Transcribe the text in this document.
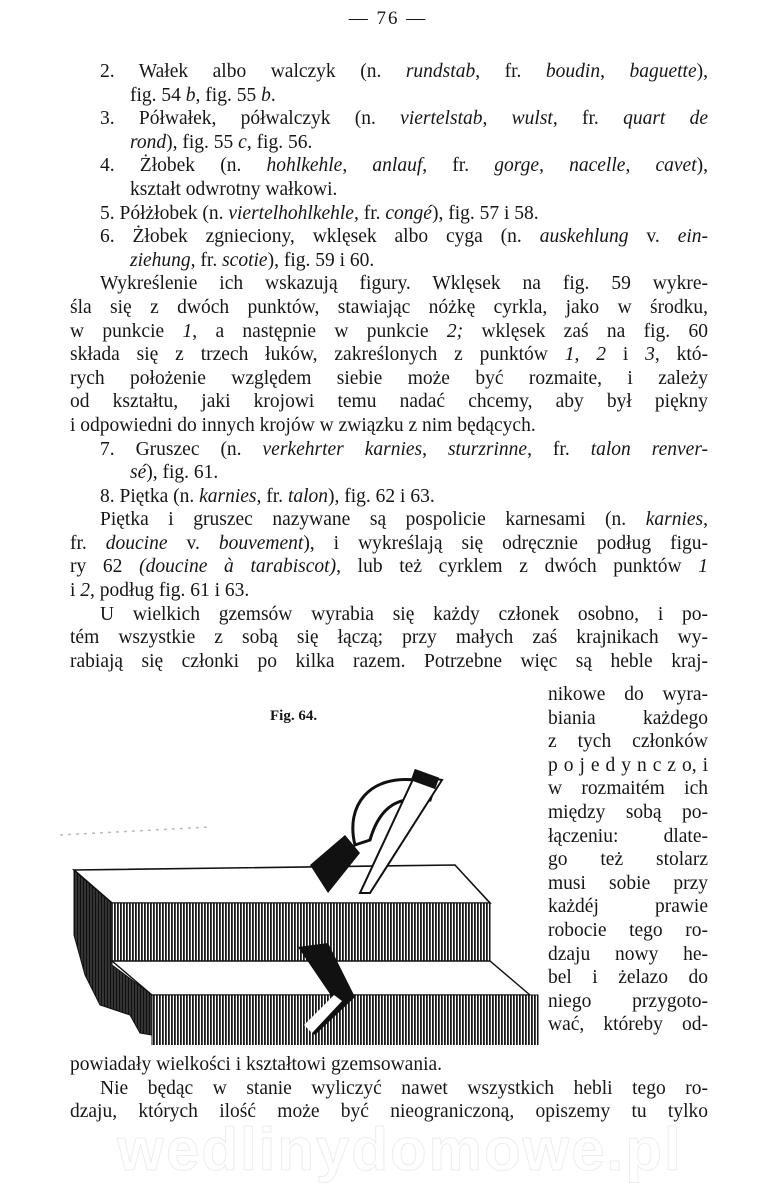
— 76 —
2. Wałek albo walczyk (n. rundstab, fr. boudin, baguette),
fig. 54 b, fig. 55 b.
3. Półwałek, półwalczyk (n. viertelstab, wulst, fr. quart de
rond), fig. 55 c, fig. 56.
4. Żłobek (n. hohlkehle, anlauf, fr. gorge, nacelle, cavet),
kształt odwrotny wałkowi.
5. Półżłobek (n. viertelhohlkehle, fr. congé), fig. 57 i 58.
6. Żłobek zgnieciony, wklęsek albo cyga (n. auskehlung v. ein-
ziehung, fr. scotie), fig. 59 i 60.
Wykreślenie ich wskazują figury. Wklęsek na fig. 59 wykre-
śla się z dwóch punktów, stawiając nóżkę cyrkla, jako w środku,
w punkcie 1, a następnie w punkcie 2; wklęsek zaś na fig. 60
składa się z trzech łuków, zakreślonych z punktów 1, 2 i 3, któ-
rych położenie względem siebie może być rozmaite, i zależy
od kształtu, jaki krojowi temu nadać chcemy, aby był piękny
i odpowiedni do innych krojów w związku z nim będących.
7. Gruszec (n. verkehrter karnies, sturzrinne, fr. talon renver-
sé), fig. 61.
8. Piętka (n. karnies, fr. talon), fig. 62 i 63.
Piętka i gruszec nazywane są pospolicie karnesami (n. karnies,
fr. doucine v. bouvement), i wykreślają się odręcznie podług figu-
ry 62 (doucine à tarabiscot), lub też cyrklem z dwóch punktów 1
i 2, podług fig. 61 i 63.
U wielkich gzemsów wyrabia się każdy członek osobno, i po-
tém wszystkie z sobą się łączą; przy małych zaś krajnikach wy-
rabiają się członki po kilka razem. Potrzebne więc są heble kraj-
nikowe do wyra-
biania każdego
z tych członków
p o j e d y n c z o, i
w rozmaitém ich
między sobą po-
łączeniu: dlate-
go też stolarz
musi sobie przy
każdéj prawie
robocie tego ro-
dzaju nowy he-
bel i żelazo do
niego przygoto-
wać, któreby od-
Fig. 64.
powiadały wielkości i kształtowi gzemsowania.
Nie będąc w stanie wyliczyć nawet wszystkich hebli tego ro-
dzaju, których ilość może być nieograniczoną, opiszemy tu tylko
wedlinydomowe.pl
